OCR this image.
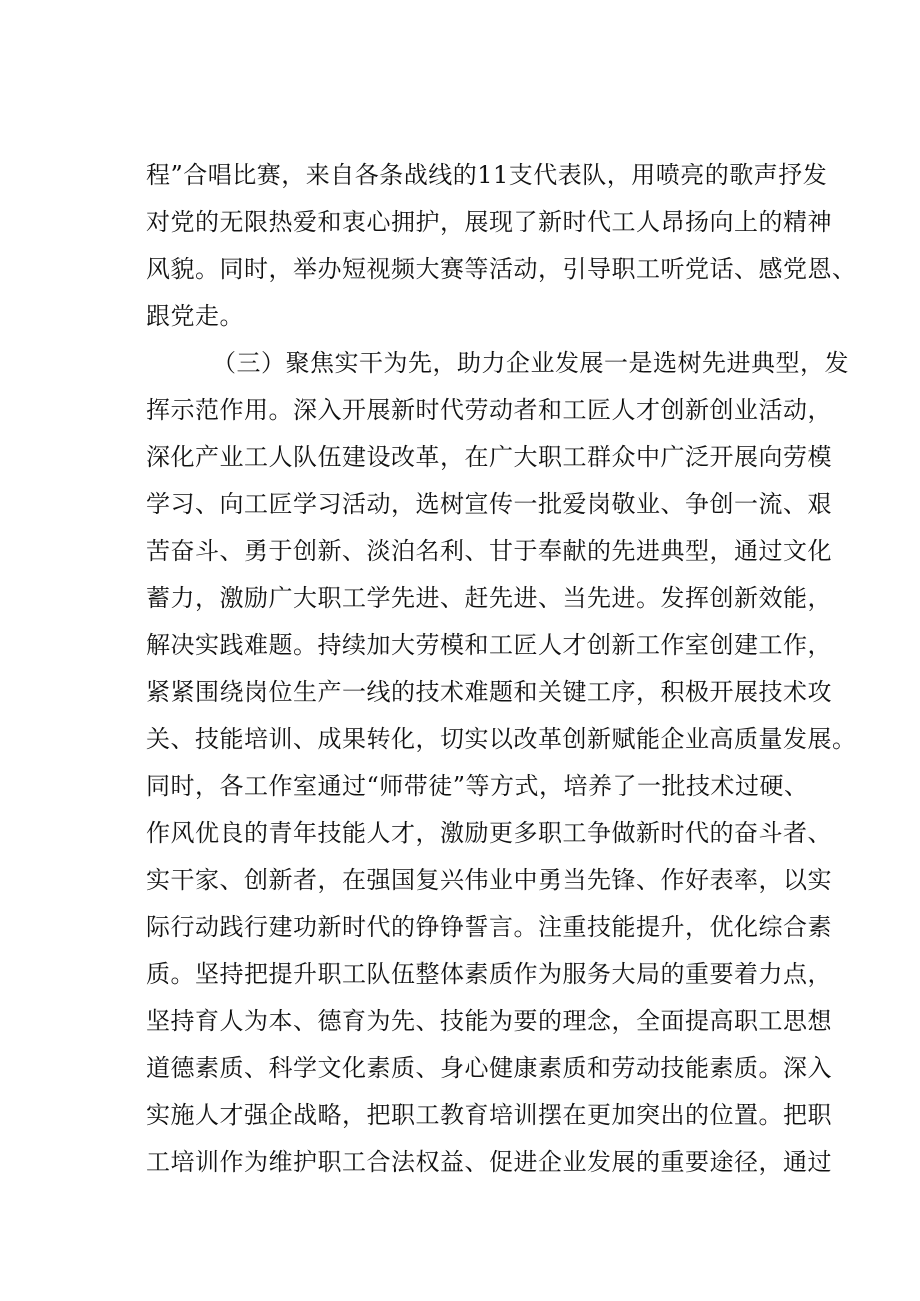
程”合唱比赛，来自各条战线的11支代表队，用喷亮的歌声抒发
对党的无限热爱和衷心拥护，展现了新时代工人昂扬向上的精神
风貌。同时，举办短视频大赛等活动，引导职工听党话、感党恩、
跟党走。
（三）聚焦实干为先，助力企业发展一是选树先进典型，发
挥示范作用。深入开展新时代劳动者和工匠人才创新创业活动，
深化产业工人队伍建设改革，在广大职工群众中广泛开展向劳模
学习、向工匠学习活动，选树宣传一批爱岗敬业、争创一流、艰
苦奋斗、勇于创新、淡泊名利、甘于奉献的先进典型，通过文化
蓄力，激励广大职工学先进、赶先进、当先进。发挥创新效能，
解决实践难题。持续加大劳模和工匠人才创新工作室创建工作，
紧紧围绕岗位生产一线的技术难题和关键工序，积极开展技术攻
关、技能培训、成果转化，切实以改革创新赋能企业高质量发展。
同时，各工作室通过“师带徒”等方式，培养了一批技术过硬、
作风优良的青年技能人才，激励更多职工争做新时代的奋斗者、
实干家、创新者，在强国复兴伟业中勇当先锋、作好表率，以实
际行动践行建功新时代的铮铮誓言。注重技能提升，优化综合素
质。坚持把提升职工队伍整体素质作为服务大局的重要着力点，
坚持育人为本、德育为先、技能为要的理念，全面提高职工思想
道德素质、科学文化素质、身心健康素质和劳动技能素质。深入
实施人才强企战略，把职工教育培训摆在更加突出的位置。把职
工培训作为维护职工合法权益、促进企业发展的重要途径，通过
